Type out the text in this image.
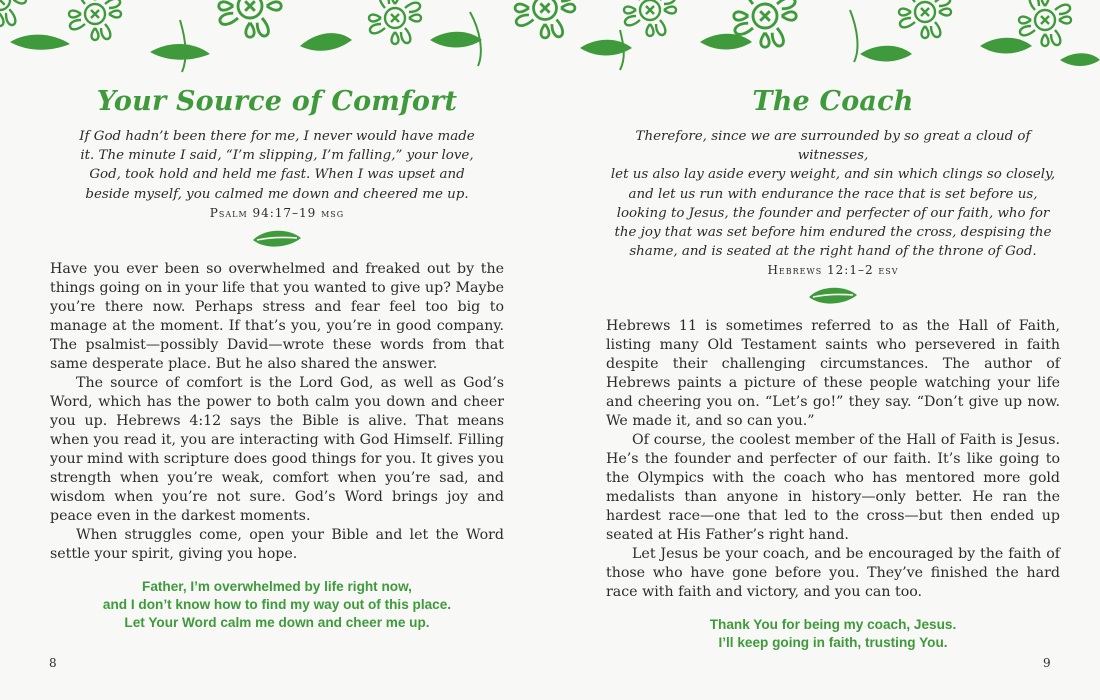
Your Source of Comfort

If God hadn’t been there for me, I never would have made

it. The minute I said, “I’m slipping, I’m falling,” your love,

God, took hold and held me fast. When I was upset and

beside myself, you calmed me down and cheered me up.

Psalm 94:17–19 msg

Have you ever been so overwhelmed and freaked out by the things going on in your life that you wanted to give up? Maybe you’re there now. Perhaps stress and fear feel too big to manage at the moment. If that’s you, you’re in good company. The psalmist—possibly David—wrote these words from that same desperate place. But he also shared the answer.

The source of comfort is the Lord God, as well as God’s Word, which has the power to both calm you down and cheer you up. Hebrews 4:12 says the Bible is alive. That means when you read it, you are interacting with God Himself. Filling your mind with scripture does good things for you. It gives you strength when you’re weak, comfort when you’re sad, and wisdom when you’re not sure. God’s Word brings joy and peace even in the darkest moments.

When struggles come, open your Bible and let the Word settle your spirit, giving you hope.

Father, I’m overwhelmed by life right now,

and I don’t know how to find my way out of this place.

Let Your Word calm me down and cheer me up.

The Coach

Therefore, since we are surrounded by so great a cloud of witnesses,

let us also lay aside every weight, and sin which clings so closely,

and let us run with endurance the race that is set before us,

looking to Jesus, the founder and perfecter of our faith, who for

the joy that was set before him endured the cross, despising the

shame, and is seated at the right hand of the throne of God.

Hebrews 12:1–2 esv

Hebrews 11 is sometimes referred to as the Hall of Faith, listing many Old Testament saints who persevered in faith despite their challenging circumstances. The author of Hebrews paints a picture of these people watching your life and cheering you on. “Let’s go!” they say. “Don’t give up now. We made it, and so can you.”

Of course, the coolest member of the Hall of Faith is Jesus. He’s the founder and perfecter of our faith. It’s like going to the Olympics with the coach who has mentored more gold medalists than anyone in history—only better. He ran the hardest race—one that led to the cross—but then ended up seated at His Father’s right hand.

Let Jesus be your coach, and be encouraged by the faith of those who have gone before you. They’ve finished the hard race with faith and victory, and you can too.

Thank You for being my coach, Jesus.

I’ll keep going in faith, trusting You.

8	9
